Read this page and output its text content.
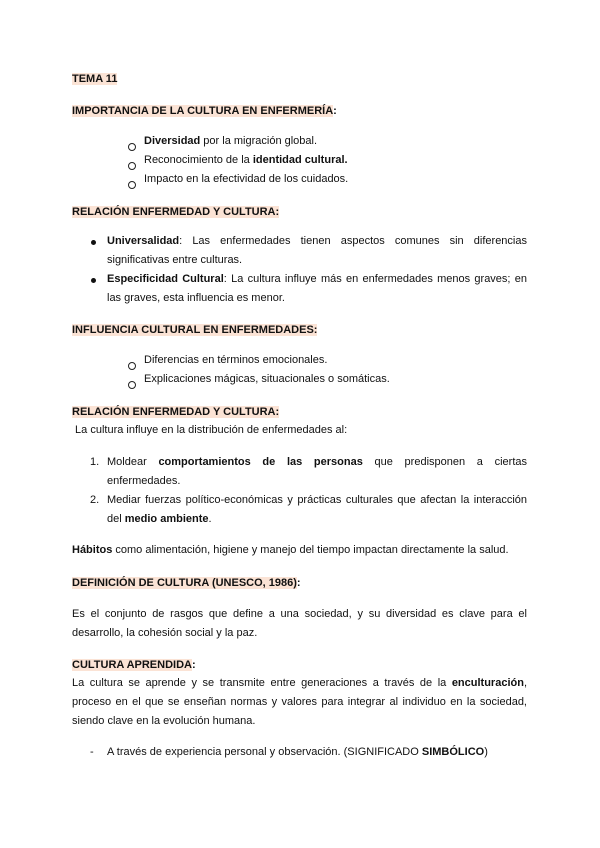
TEMA 11
IMPORTANCIA DE LA CULTURA EN ENFERMERÍA:
Diversidad por la migración global.
Reconocimiento de la identidad cultural.
Impacto en la efectividad de los cuidados.
RELACIÓN ENFERMEDAD Y CULTURA:
Universalidad: Las enfermedades tienen aspectos comunes sin diferencias significativas entre culturas.
Especificidad Cultural: La cultura influye más en enfermedades menos graves; en las graves, esta influencia es menor.
INFLUENCIA CULTURAL EN ENFERMEDADES:
Diferencias en términos emocionales.
Explicaciones mágicas, situacionales o somáticas.
RELACIÓN ENFERMEDAD Y CULTURA:
La cultura influye en la distribución de enfermedades al:
1. Moldear comportamientos de las personas que predisponen a ciertas enfermedades.
2. Mediar fuerzas político-económicas y prácticas culturales que afectan la interacción del medio ambiente.
Hábitos como alimentación, higiene y manejo del tiempo impactan directamente la salud.
DEFINICIÓN DE CULTURA (UNESCO, 1986):
Es el conjunto de rasgos que define a una sociedad, y su diversidad es clave para el desarrollo, la cohesión social y la paz.
CULTURA APRENDIDA:
La cultura se aprende y se transmite entre generaciones a través de la enculturación, proceso en el que se enseñan normas y valores para integrar al individuo en la sociedad, siendo clave en la evolución humana.
- A través de experiencia personal y observación. (SIGNIFICADO SIMBÓLICO)
